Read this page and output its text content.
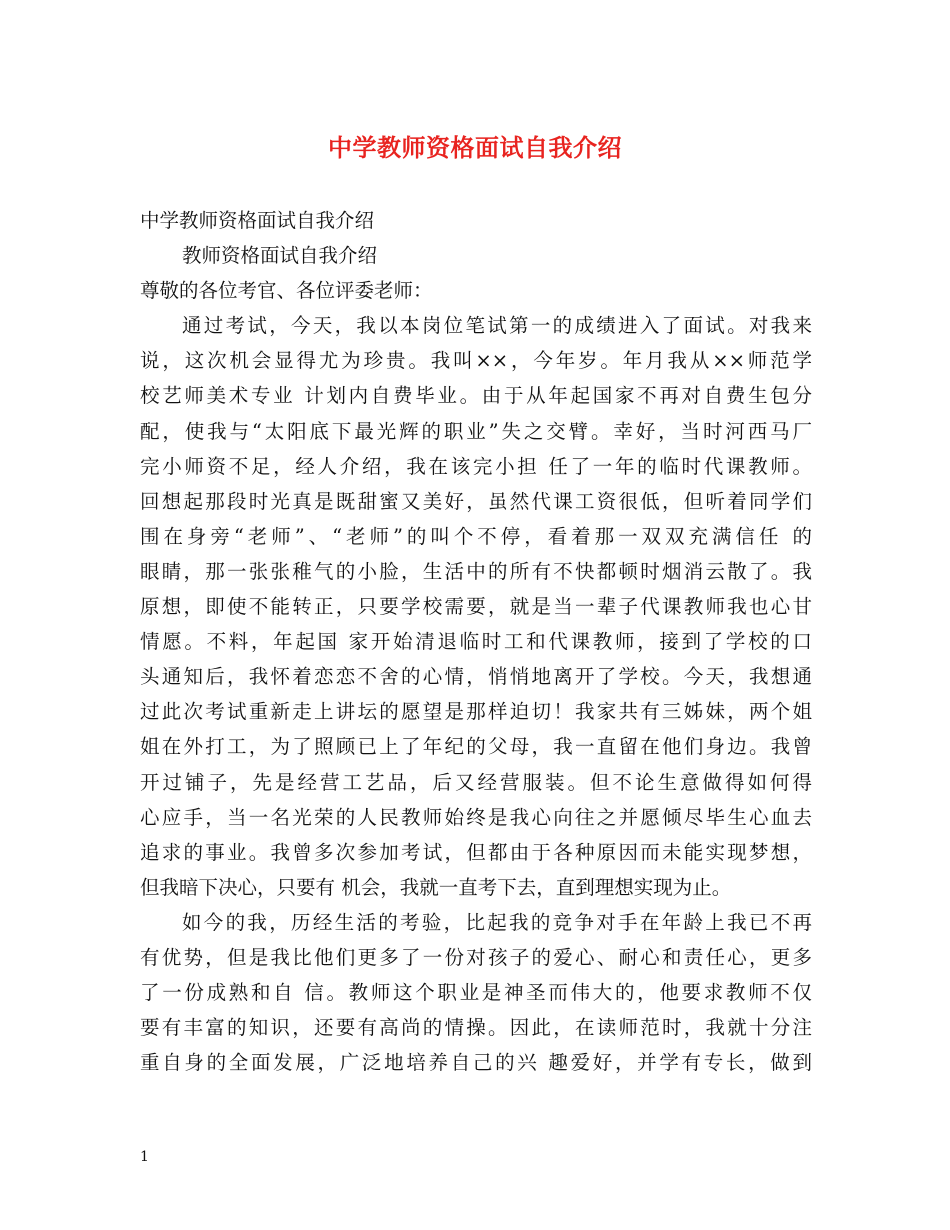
中学教师资格面试自我介绍
中学教师资格面试自我介绍
教师资格面试自我介绍
尊敬的各位考官、各位评委老师：
通过考试，今天，我以本岗位笔试第一的成绩进入了面试。对我来
说，这次机会显得尤为珍贵。我叫××，今年岁。年月我从××师范学
校艺师美术专业 计划内自费毕业。由于从年起国家不再对自费生包分
配，使我与“太阳底下最光辉的职业”失之交臂。幸好，当时河西马厂
完小师资不足，经人介绍，我在该完小担 任了一年的临时代课教师。
回想起那段时光真是既甜蜜又美好，虽然代课工资很低，但听着同学们
围在身旁“老师”、“老师”的叫个不停，看着那一双双充满信任 的
眼睛，那一张张稚气的小脸，生活中的所有不快都顿时烟消云散了。我
原想，即使不能转正，只要学校需要，就是当一辈子代课教师我也心甘
情愿。不料，年起国 家开始清退临时工和代课教师，接到了学校的口
头通知后，我怀着恋恋不舍的心情，悄悄地离开了学校。今天，我想通
过此次考试重新走上讲坛的愿望是那样迫切！我家共有三姊妹，两个姐
姐在外打工，为了照顾已上了年纪的父母，我一直留在他们身边。我曾
开过铺子，先是经营工艺品，后又经营服装。但不论生意做得如何得
心应手，当一名光荣的人民教师始终是我心向往之并愿倾尽毕生心血去
追求的事业。我曾多次参加考试，但都由于各种原因而未能实现梦想，
但我暗下决心，只要有 机会，我就一直考下去，直到理想实现为止。
如今的我，历经生活的考验，比起我的竞争对手在年龄上我已不再
有优势，但是我比他们更多了一份对孩子的爱心、耐心和责任心，更多
了一份成熟和自 信。教师这个职业是神圣而伟大的，他要求教师不仅
要有丰富的知识，还要有高尚的情操。因此，在读师范时，我就十分注
重自身的全面发展，广泛地培养自己的兴 趣爱好，并学有专长，做到
1
